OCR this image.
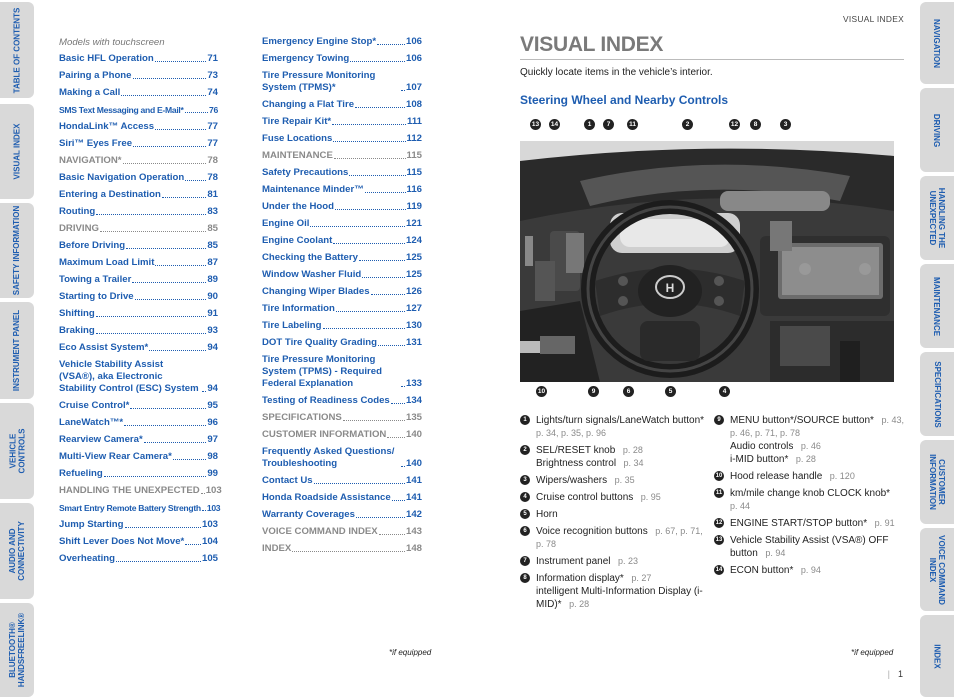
TABLE OF CONTENTS
VISUAL INDEX
SAFETY INFORMATION
INSTRUMENT PANEL
VEHICLE
CONTROLS
AUDIO AND
CONNECTIVITY
BLUETOOTH®
HANDSFREELINK®
NAVIGATION
DRIVING
HANDLING THE
UNEXPECTED
MAINTENANCE
SPECIFICATIONS
CUSTOMER
INFORMATION
VOICE COMMAND
INDEX
INDEX
Models with touchscreen
Basic HFL Operation	71
Pairing a Phone	73
Making a Call	74
SMS Text Messaging and E-Mail*	76
HondaLink™ Access	77
Siri™ Eyes Free	77
NAVIGATION*	78
Basic Navigation Operation 78
Entering a Destination	81
Routing	83
DRIVING	85
Before Driving	85
Maximum Load Limit	87
Towing a Trailer	89
Starting to Drive	90
Shifting	91
Braking	93
Eco Assist System*	94
Vehicle Stability Assist (VSA®), aka Electronic Stability Control (ESC) System 94
Cruise Control*	95
LaneWatch™*	96
Rearview Camera*	97
Multi-View Rear Camera*	98
Refueling	99
HANDLING THE UNEXPECTED 103
Smart Entry Remote Battery Strength 103
Jump Starting	103
Shift Lever Does Not Move* 104
Overheating	105
Emergency Engine Stop*	106
Emergency Towing	106
Tire Pressure Monitoring System (TPMS)*	107
Changing a Flat Tire	108
Tire Repair Kit*	111
Fuse Locations	112
MAINTENANCE	115
Safety Precautions	115
Maintenance Minder™	116
Under the Hood	119
Engine Oil	121
Engine Coolant	124
Checking the Battery	125
Window Washer Fluid	125
Changing Wiper Blades	126
Tire Information	127
Tire Labeling	130
DOT Tire Quality Grading	131
Tire Pressure Monitoring System (TPMS) - Required Federal Explanation	133
Testing of Readiness Codes 134
SPECIFICATIONS	135
CUSTOMER INFORMATION 140
Frequently Asked Questions/ Troubleshooting	140
Contact Us	141
Honda Roadside Assistance 141
Warranty Coverages	142
VOICE COMMAND INDEX	143
INDEX	148
*if equipped
VISUAL INDEX
VISUAL INDEX
Quickly locate items in the vehicle’s interior.
Steering Wheel and Nearby Controls
13 14	1	7	11	2	12	8	3
10	9	6	5	4
H
1 Lights/turn signals/LaneWatch button*   p. 34, p. 35, p. 96
2 SEL/RESET knob   p. 28
Brightness control   p. 34
3 Wipers/washers   p. 35
4 Cruise control buttons   p. 95
5 Horn
6 Voice recognition buttons   p. 67, p. 71, p. 78
7 Instrument panel   p. 23
8 Information display*   p. 27
intelligent Multi-Information Display (i-MID)*   p. 28
9 MENU button*/SOURCE button*   p. 43, p. 46, p. 71, p. 78
Audio controls   p. 46
i-MID button*   p. 28
10 Hood release handle   p. 120
11 km/mile change knob CLOCK knob*   p. 44
12 ENGINE START/STOP button*   p. 91
13 Vehicle Stability Assist (VSA®) OFF button   p. 94
14 ECON button*   p. 94
*if equipped
| 1
